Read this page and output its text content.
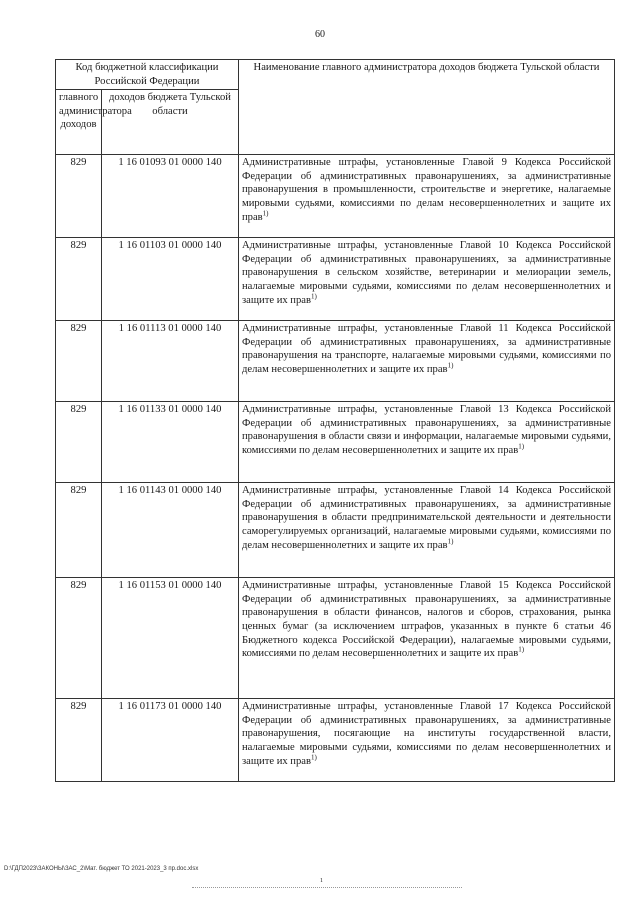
60
Код бюджетной классификации Российской Федерации		Наименование главного администратора доходов бюджета Тульской области
главного администратора доходов	доходов бюджета Тульской области	
829	1 16 01093 01 0000 140	Административные штрафы, установленные Главой 9 Кодекса Российской Федерации об административных правонарушениях, за административные правонарушения в промышленности, строительстве и энергетике, налагаемые мировыми судьями, комиссиями по делам несовершеннолетних и защите их прав$^{1)}$
829	1 16 01103 01 0000 140	Административные штрафы, установленные Главой 10 Кодекса Российской Федерации об административных правонарушениях, за административные правонарушения в сельском хозяйстве, ветеринарии и мелиорации земель, налагаемые мировыми судьями, комиссиями по делам несовершеннолетних и защите их прав$^{1)}$
829	1 16 01113 01 0000 140	Административные штрафы, установленные Главой 11 Кодекса Российской Федерации об административных правонарушениях, за административные правонарушения на транспорте, налагаемые мировыми судьями, комиссиями по делам несовершеннолетних и защите их прав$^{1)}$
829	1 16 01133 01 0000 140	Административные штрафы, установленные Главой 13 Кодекса Российской Федерации об административных правонарушениях, за административные правонарушения в области связи и информации, налагаемые мировыми судьями, комиссиями по делам несовершеннолетних и защите их прав$^{1)}$
829	1 16 01143 01 0000 140	Административные штрафы, установленные Главой 14 Кодекса Российской Федерации об административных правонарушениях, за административные правонарушения в области предпринимательской деятельности и деятельности саморегулируемых организаций, налагаемые мировыми судьями, комиссиями по делам несовершеннолетних и защите их прав$^{1)}$
829	1 16 01153 01 0000 140	Административные штрафы, установленные Главой 15 Кодекса Российской Федерации об административных правонарушениях, за административные правонарушения в области финансов, налогов и сборов, страхования, рынка ценных бумаг (за исключением штрафов, указанных в пункте 6 статьи 46 Бюджетного кодекса Российской Федерации), налагаемые мировыми судьями, комиссиями по делам несовершеннолетних и защите их прав$^{1)}$
829	1 16 01173 01 0000 140	Административные штрафы, установленные Главой 17 Кодекса Российской Федерации об административных правонарушениях, за административные правонарушения, посягающие на институты государственной власти, налагаемые мировыми судьями, комиссиями по делам несовершеннолетних и защите их прав$^{1)}$
D:\ГДП2023\ЗАКОНЫ\ЗАС_2\Мат. бюджет ТО 2021-2023_3 пр.doc.xlsx
1
